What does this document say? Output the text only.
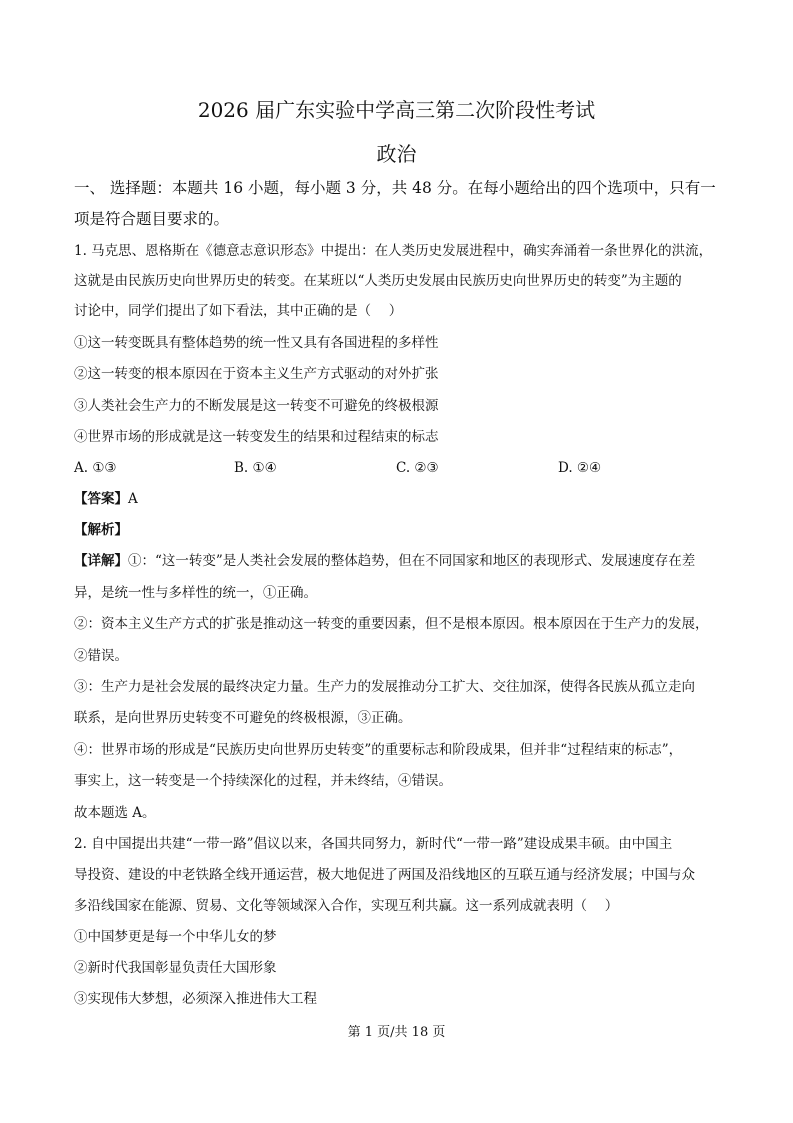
2026 届广东实验中学高三第二次阶段性考试
政治
一、 选择题：本题共 16 小题，每小题 3 分，共 48 分。在每小题给出的四个选项中，只有一
项是符合题目要求的。
1. 马克思、恩格斯在《德意志意识形态》中提出：在人类历史发展进程中，确实奔涌着一条世界化的洪流，
这就是由民族历史向世界历史的转变。在某班以“人类历史发展由民族历史向世界历史的转变”为主题的
讨论中，同学们提出了如下看法，其中正确的是（　 ）
①这一转变既具有整体趋势的统一性又具有各国进程的多样性
②这一转变的根本原因在于资本主义生产方式驱动的对外扩张
③人类社会生产力的不断发展是这一转变不可避免的终极根源
④世界市场的形成就是这一转变发生的结果和过程结束的标志
A. ①③	B. ①④	C. ②③	D. ②④
【答案】A
【解析】
【详解】①：“这一转变”是人类社会发展的整体趋势，但在不同国家和地区的表现形式、发展速度存在差
异，是统一性与多样性的统一，①正确。
②：资本主义生产方式的扩张是推动这一转变的重要因素，但不是根本原因。根本原因在于生产力的发展，
②错误。
③：生产力是社会发展的最终决定力量。生产力的发展推动分工扩大、交往加深，使得各民族从孤立走向
联系，是向世界历史转变不可避免的终极根源，③正确。
④：世界市场的形成是“民族历史向世界历史转变”的重要标志和阶段成果，但并非“过程结束的标志”，
事实上，这一转变是一个持续深化的过程，并未终结，④错误。
故本题选 A。
2. 自中国提出共建“一带一路”倡议以来，各国共同努力，新时代“一带一路”建设成果丰硕。由中国主
导投资、建设的中老铁路全线开通运营，极大地促进了两国及沿线地区的互联互通与经济发展；中国与众
多沿线国家在能源、贸易、文化等领域深入合作，实现互利共赢。这一系列成就表明（　 ）
①中国梦更是每一个中华儿女的梦
②新时代我国彰显负责任大国形象
③实现伟大梦想，必须深入推进伟大工程
第 1 页/共 18 页
